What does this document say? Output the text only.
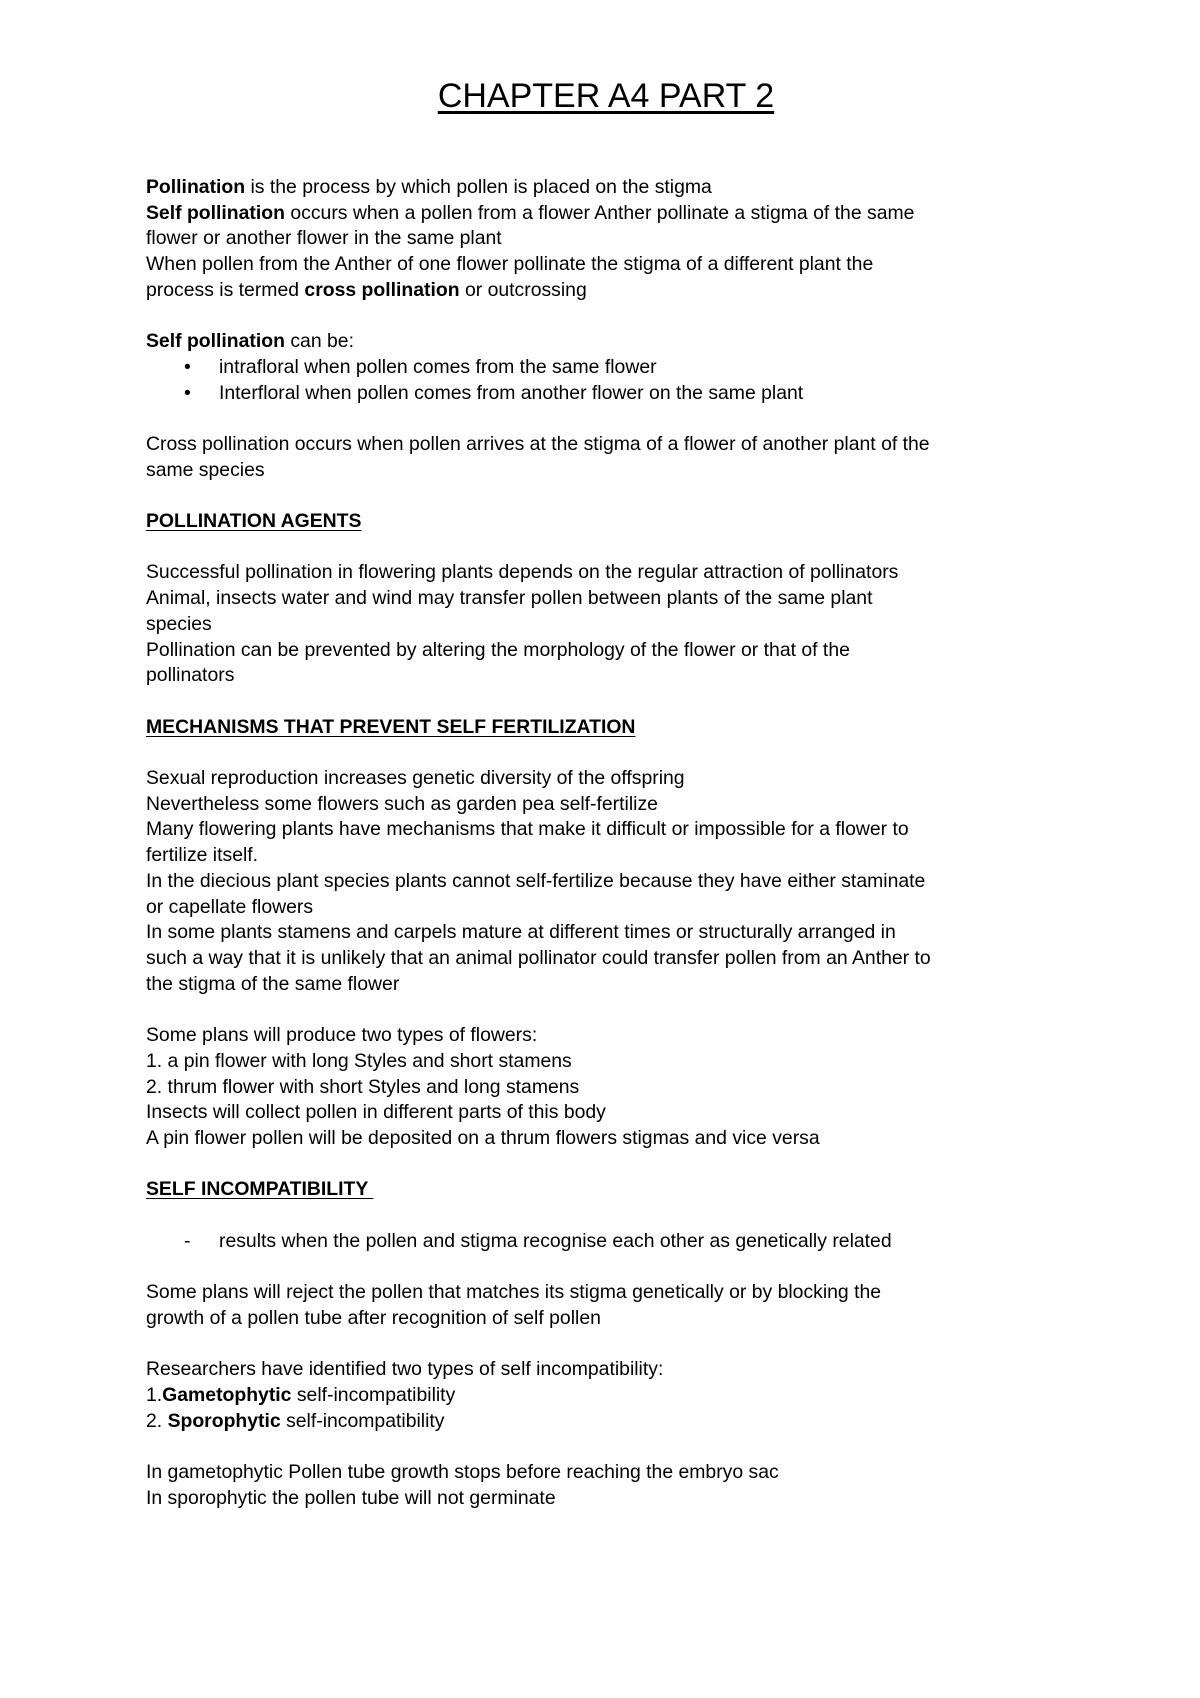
CHAPTER A4 PART 2
Pollination is the process by which pollen is placed on the stigma
Self pollination occurs when a pollen from a flower Anther pollinate a stigma of the same
flower or another flower in the same plant
When pollen from the Anther of one flower pollinate the stigma of a different plant the
process is termed cross pollination or outcrossing
Self pollination can be:
• intrafloral when pollen comes from the same flower
• Interfloral when pollen comes from another flower on the same plant
Cross pollination occurs when pollen arrives at the stigma of a flower of another plant of the
same species
POLLINATION AGENTS
Successful pollination in flowering plants depends on the regular attraction of pollinators
Animal, insects water and wind may transfer pollen between plants of the same plant
species
Pollination can be prevented by altering the morphology of the flower or that of the
pollinators
MECHANISMS THAT PREVENT SELF FERTILIZATION
Sexual reproduction increases genetic diversity of the offspring
Nevertheless some flowers such as garden pea self-fertilize
Many flowering plants have mechanisms that make it difficult or impossible for a flower to
fertilize itself.
In the diecious plant species plants cannot self-fertilize because they have either staminate
or capellate flowers
In some plants stamens and carpels mature at different times or structurally arranged in
such a way that it is unlikely that an animal pollinator could transfer pollen from an Anther to
the stigma of the same flower
Some plans will produce two types of flowers:
1. a pin flower with long Styles and short stamens
2. thrum flower with short Styles and long stamens
Insects will collect pollen in different parts of this body
A pin flower pollen will be deposited on a thrum flowers stigmas and vice versa
SELF INCOMPATIBILITY
- results when the pollen and stigma recognise each other as genetically related
Some plans will reject the pollen that matches its stigma genetically or by blocking the
growth of a pollen tube after recognition of self pollen
Researchers have identified two types of self incompatibility:
1.Gametophytic self-incompatibility
2. Sporophytic self-incompatibility
In gametophytic Pollen tube growth stops before reaching the embryo sac
In sporophytic the pollen tube will not germinate
